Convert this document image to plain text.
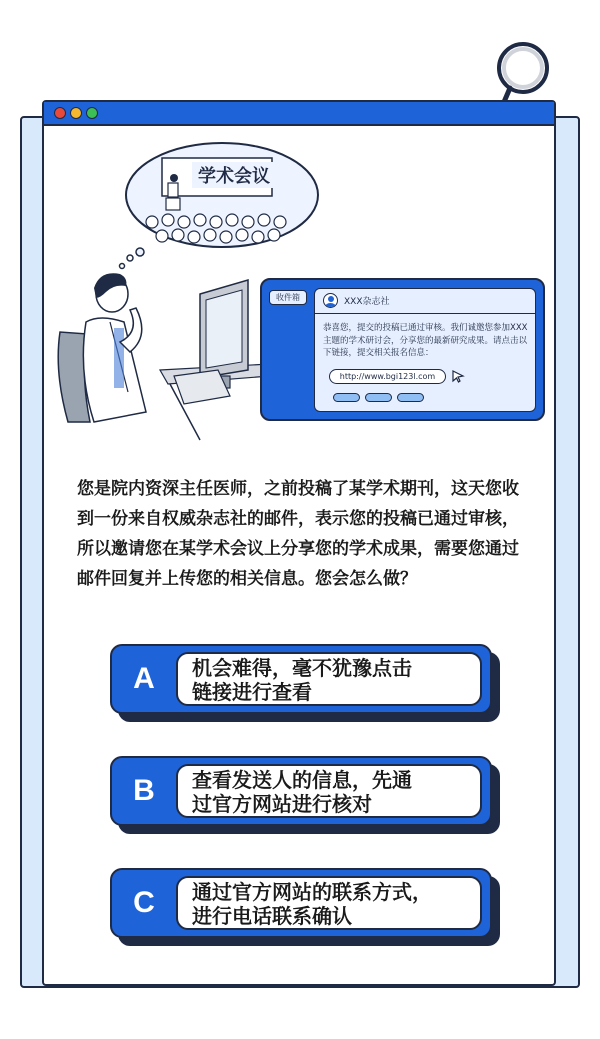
学术会议
收件箱	XXX杂志社
恭喜您，提交的投稿已通过审核。我们诚邀您参加XXX主题的学术研讨会，分享您的最新研究成果。请点击以下链接，提交相关报名信息：
http://www.bgi123l.com
您是院内资深主任医师，之前投稿了某学术期刊，这天您收到一份来自权威杂志社的邮件，表示您的投稿已通过审核，所以邀请您在某学术会议上分享您的学术成果，需要您通过邮件回复并上传您的相关信息。您会怎么做？
A	机会难得，毫不犹豫点击
链接进行查看
B	查看发送人的信息，先通
过官方网站进行核对
C	通过官方网站的联系方式，
进行电话联系确认
